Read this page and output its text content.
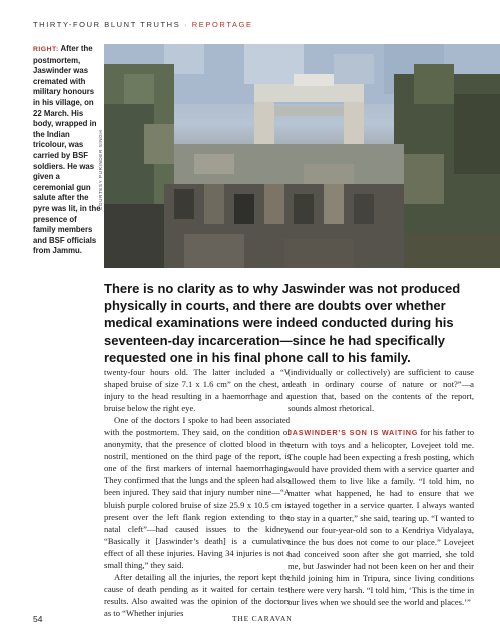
THIRTY-FOUR BLUNT TRUTHS · REPORTAGE
RIGHT: After the postmortem, Jaswinder was cremated with military honours in his village, on 22 March. His body, wrapped in the Indian tricolour, was carried by BSF soldiers. He was given a ceremonial gun salute after the pyre was lit, in the presence of family members and BSF officials from Jammu.
COURTESY PURINDER SINGH
There is no clarity as to why Jaswinder was not produced physically in courts, and there are doubts over whether medical examinations were indeed conducted during his seventeen-day incarceration—since he had specifically requested one in his final phone call to his family.

twenty-four hours old. The latter included a “V shaped bruise of size 7.1 x 1.6 cm” on the chest, an injury to the head resulting in a haemorrhage and a bruise below the right eye.

One of the doctors I spoke to had been associated with the postmortem. They said, on the condition of anonymity, that the presence of clotted blood in the nostril, mentioned on the third page of the report, is one of the first markers of internal haemorrhaging. They confirmed that the lungs and the spleen had also been injured. They said that injury number nine—“A bluish purple colored bruise of size 25.9 x 10.5 cm is present over the left flank region extending to the natal cleft”—had caused issues to the kidney. “Basically it [Jaswinder’s death] is a cumulative effect of all these injuries. Having 34 injuries is not a small thing,” they said.

After detailing all the injuries, the report kept the cause of death pending as it waited for certain test results. Also awaited was the opinion of the doctors as to “Whether injuries

(individually or collectively) are sufficient to cause death in ordinary course of nature or not?”—a question that, based on the contents of the report, sounds almost rhetorical.

JASWINDER’S SON IS WAITING for his father to return with toys and a helicopter, Lovejeet told me. The couple had been expecting a fresh posting, which would have provided them with a service quarter and allowed them to live like a family. “I told him, no matter what happened, he had to ensure that we stayed together in a service quarter. I always wanted to stay in a quarter,” she said, tearing up. “I wanted to send our four-year-old son to a Kendriya Vidyalaya, since the bus does not come to our place.” Lovejeet had conceived soon after she got married, she told me, but Jaswinder had not been keen on her and their child joining him in Tripura, since living conditions there were very harsh. “I told him, ‘This is the time in our lives when we should see the world and places.’”

54	THE CARAVAN
